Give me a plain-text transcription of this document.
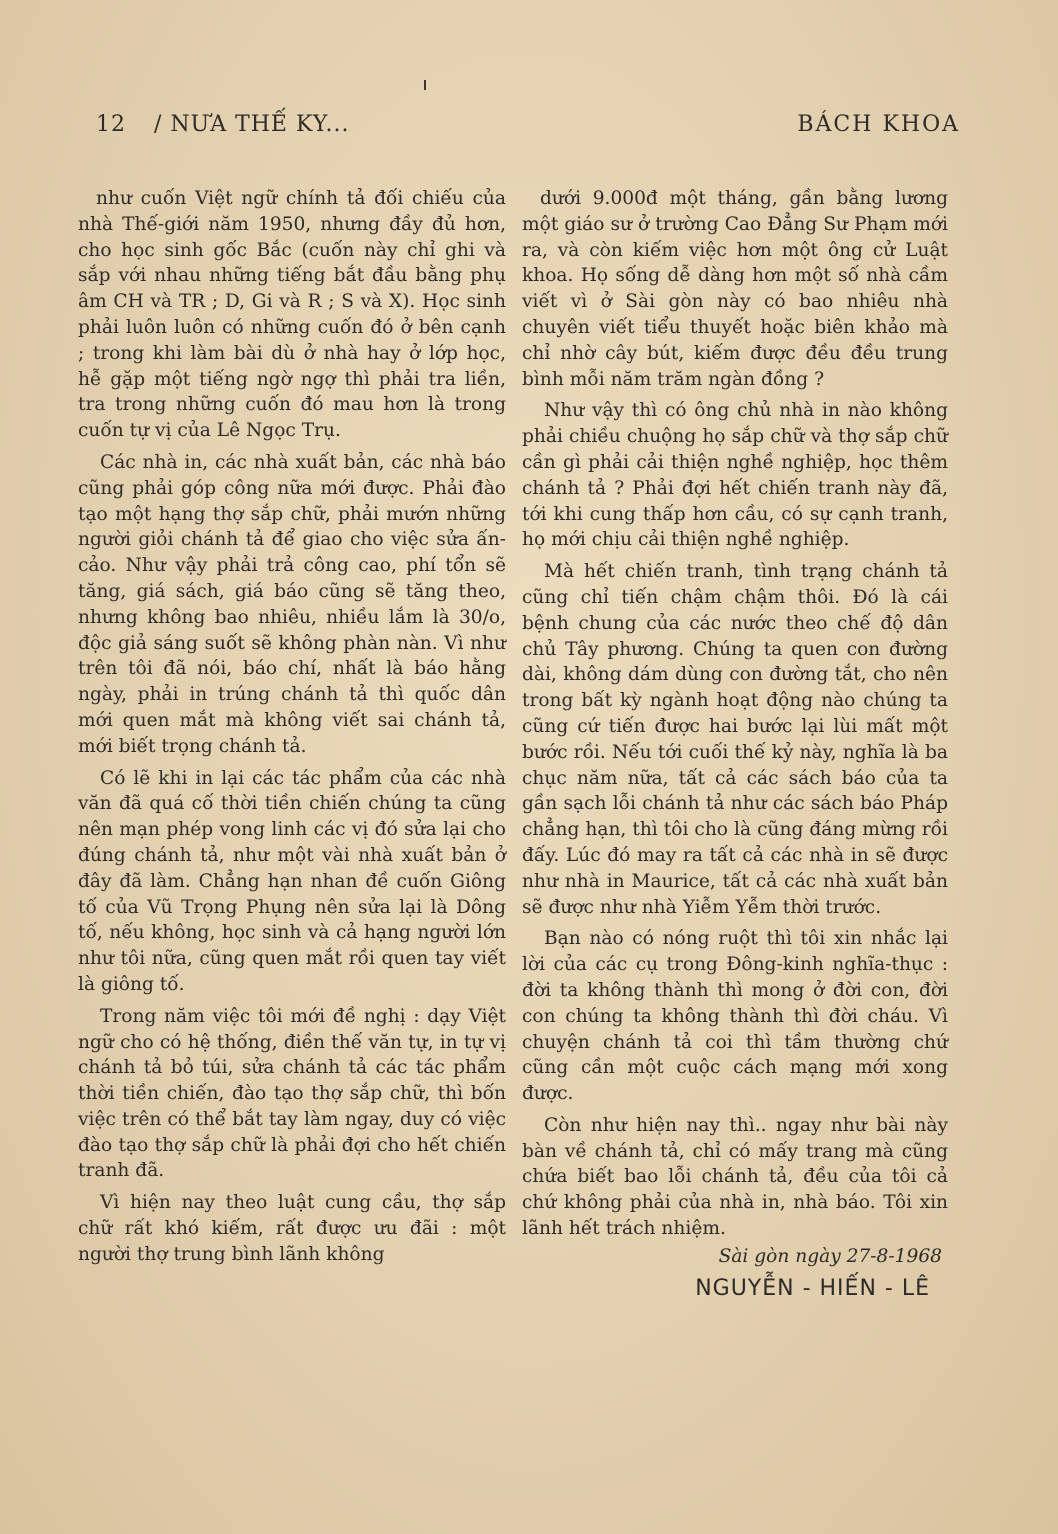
12 / NƯA THẾ KY...	BÁCH KHOA

như cuốn Việt ngữ chính tả đối chiếu của nhà Thế-giới năm 1950, nhưng đầy đủ hơn, cho học sinh gốc Bắc (cuốn này chỉ ghi và sắp với nhau những tiếng bắt đầu bằng phụ âm CH và TR ; D, Gi và R ; S và X). Học sinh phải luôn luôn có những cuốn đó ở bên cạnh ; trong khi làm bài dù ở nhà hay ở lớp học, hễ gặp một tiếng ngờ ngợ thì phải tra liền, tra trong những cuốn đó mau hơn là trong cuốn tự vị của Lê Ngọc Trụ.

Các nhà in, các nhà xuất bản, các nhà báo cũng phải góp công nữa mới được. Phải đào tạo một hạng thợ sắp chữ, phải mướn những người giỏi chánh tả để giao cho việc sửa ấn-cảo. Như vậy phải trả công cao, phí tổn sẽ tăng, giá sách, giá báo cũng sẽ tăng theo, nhưng không bao nhiêu, nhiều lắm là 30/o, độc giả sáng suốt sẽ không phàn nàn. Vì như trên tôi đã nói, báo chí, nhất là báo hằng ngày, phải in trúng chánh tả thì quốc dân mới quen mắt mà không viết sai chánh tả, mới biết trọng chánh tả.

Có lẽ khi in lại các tác phẩm của các nhà văn đã quá cố thời tiền chiến chúng ta cũng nên mạn phép vong linh các vị đó sửa lại cho đúng chánh tả, như một vài nhà xuất bản ở đây đã làm. Chẳng hạn nhan đề cuốn Giông tố của Vũ Trọng Phụng nên sửa lại là Dông tố, nếu không, học sinh và cả hạng người lớn như tôi nữa, cũng quen mắt rồi quen tay viết là giông tố.

Trong năm việc tôi mới đề nghị : dạy Việt ngữ cho có hệ thống, điền thế văn tự, in tự vị chánh tả bỏ túi, sửa chánh tả các tác phẩm thời tiền chiến, đào tạo thợ sắp chữ, thì bốn việc trên có thể bắt tay làm ngay, duy có việc đào tạo thợ sắp chữ là phải đợi cho hết chiến tranh đã.

Vì hiện nay theo luật cung cầu, thợ sắp chữ rất khó kiếm, rất được ưu đãi : một người thợ trung bình lãnh không

dưới 9.000đ một tháng, gần bằng lương một giáo sư ở trường Cao Đẳng Sư Phạm mới ra, và còn kiếm việc hơn một ông cử Luật khoa. Họ sống dễ dàng hơn một số nhà cầm viết vì ở Sài gòn này có bao nhiêu nhà chuyên viết tiểu thuyết hoặc biên khảo mà chỉ nhờ cây bút, kiếm được đều đều trung bình mỗi năm trăm ngàn đồng ?

Như vậy thì có ông chủ nhà in nào không phải chiều chuộng họ sắp chữ và thợ sắp chữ cần gì phải cải thiện nghề nghiệp, học thêm chánh tả ? Phải đợi hết chiến tranh này đã, tới khi cung thấp hơn cầu, có sự cạnh tranh, họ mới chịu cải thiện nghề nghiệp.

Mà hết chiến tranh, tình trạng chánh tả cũng chỉ tiến chậm chậm thôi. Đó là cái bệnh chung của các nước theo chế độ dân chủ Tây phương. Chúng ta quen con đường dài, không dám dùng con đường tắt, cho nên trong bất kỳ ngành hoạt động nào chúng ta cũng cứ tiến được hai bước lại lùi mất một bước rồi. Nếu tới cuối thế kỷ này, nghĩa là ba chục năm nữa, tất cả các sách báo của ta gần sạch lỗi chánh tả như các sách báo Pháp chẳng hạn, thì tôi cho là cũng đáng mừng rồi đấy. Lúc đó may ra tất cả các nhà in sẽ được như nhà in Maurice, tất cả các nhà xuất bản sẽ được như nhà Yiễm Yễm thời trước.

Bạn nào có nóng ruột thì tôi xin nhắc lại lời của các cụ trong Đông-kinh nghĩa-thục : đời ta không thành thì mong ở đời con, đời con chúng ta không thành thì đời cháu. Vì chuyện chánh tả coi thì tầm thường chứ cũng cần một cuộc cách mạng mới xong được.

Còn như hiện nay thì.. ngay như bài này bàn về chánh tả, chỉ có mấy trang mà cũng chứa biết bao lỗi chánh tả, đều của tôi cả chứ không phải của nhà in, nhà báo. Tôi xin lãnh hết trách nhiệm.

Sài gòn ngày 27-8-1968
NGUYỄN - HIẾN - LÊ
